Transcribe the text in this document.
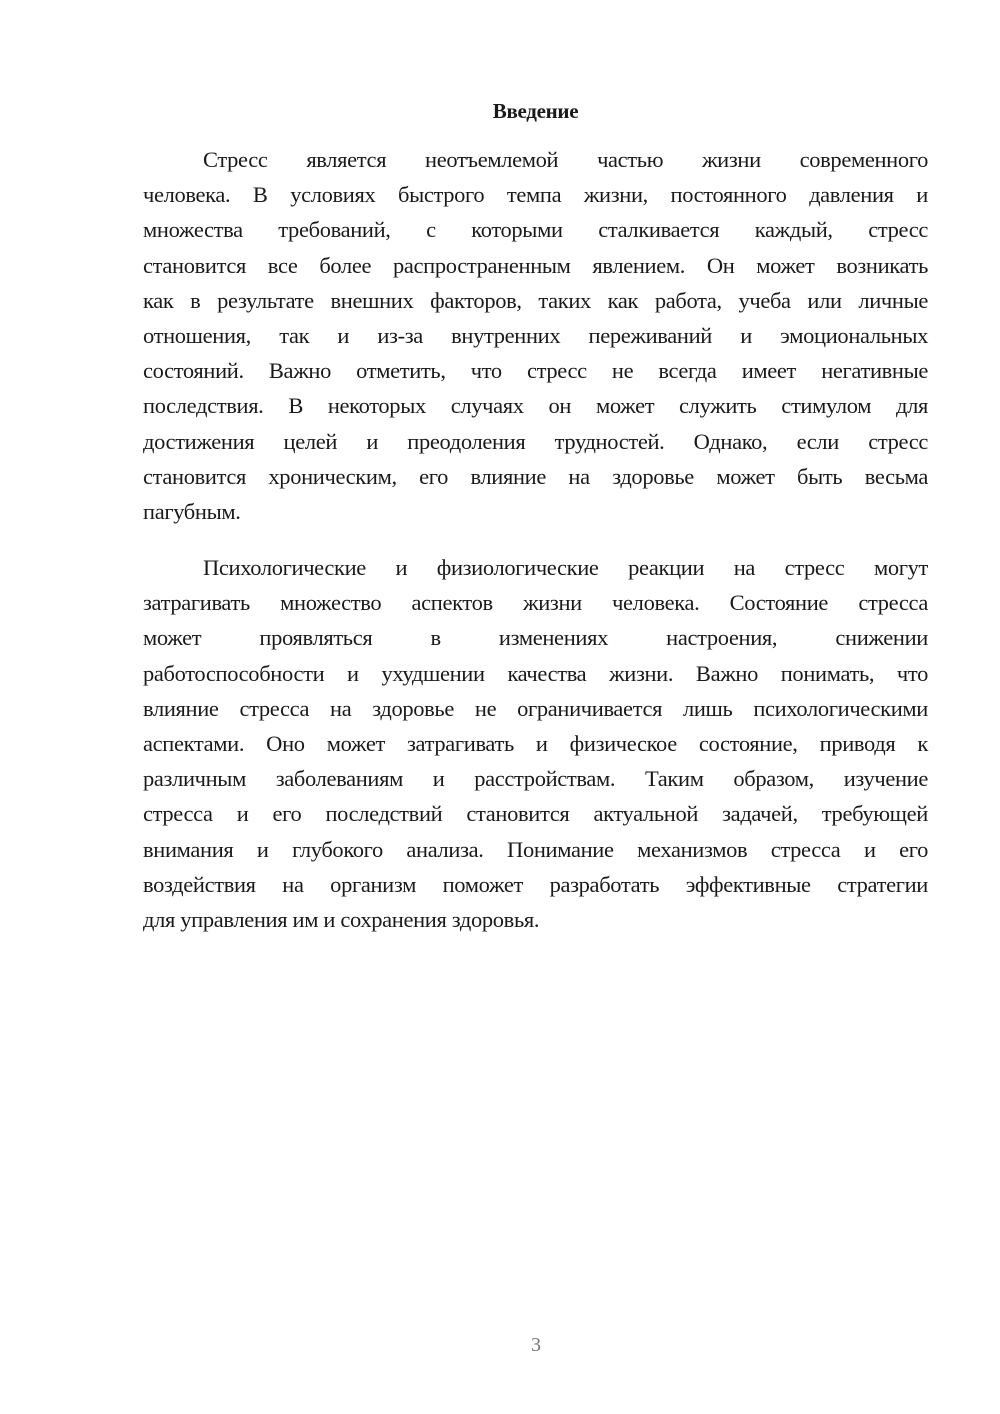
Введение
Стресс является неотъемлемой частью жизни современного
человека. В условиях быстрого темпа жизни, постоянного давления и
множества требований, с которыми сталкивается каждый, стресс
становится все более распространенным явлением. Он может возникать
как в результате внешних факторов, таких как работа, учеба или личные
отношения, так и из-за внутренних переживаний и эмоциональных
состояний. Важно отметить, что стресс не всегда имеет негативные
последствия. В некоторых случаях он может служить стимулом для
достижения целей и преодоления трудностей. Однако, если стресс
становится хроническим, его влияние на здоровье может быть весьма
пагубным.
Психологические и физиологические реакции на стресс могут
затрагивать множество аспектов жизни человека. Состояние стресса
может проявляться в изменениях настроения, снижении
работоспособности и ухудшении качества жизни. Важно понимать, что
влияние стресса на здоровье не ограничивается лишь психологическими
аспектами. Оно может затрагивать и физическое состояние, приводя к
различным заболеваниям и расстройствам. Таким образом, изучение
стресса и его последствий становится актуальной задачей, требующей
внимания и глубокого анализа. Понимание механизмов стресса и его
воздействия на организм поможет разработать эффективные стратегии
для управления им и сохранения здоровья.
3
